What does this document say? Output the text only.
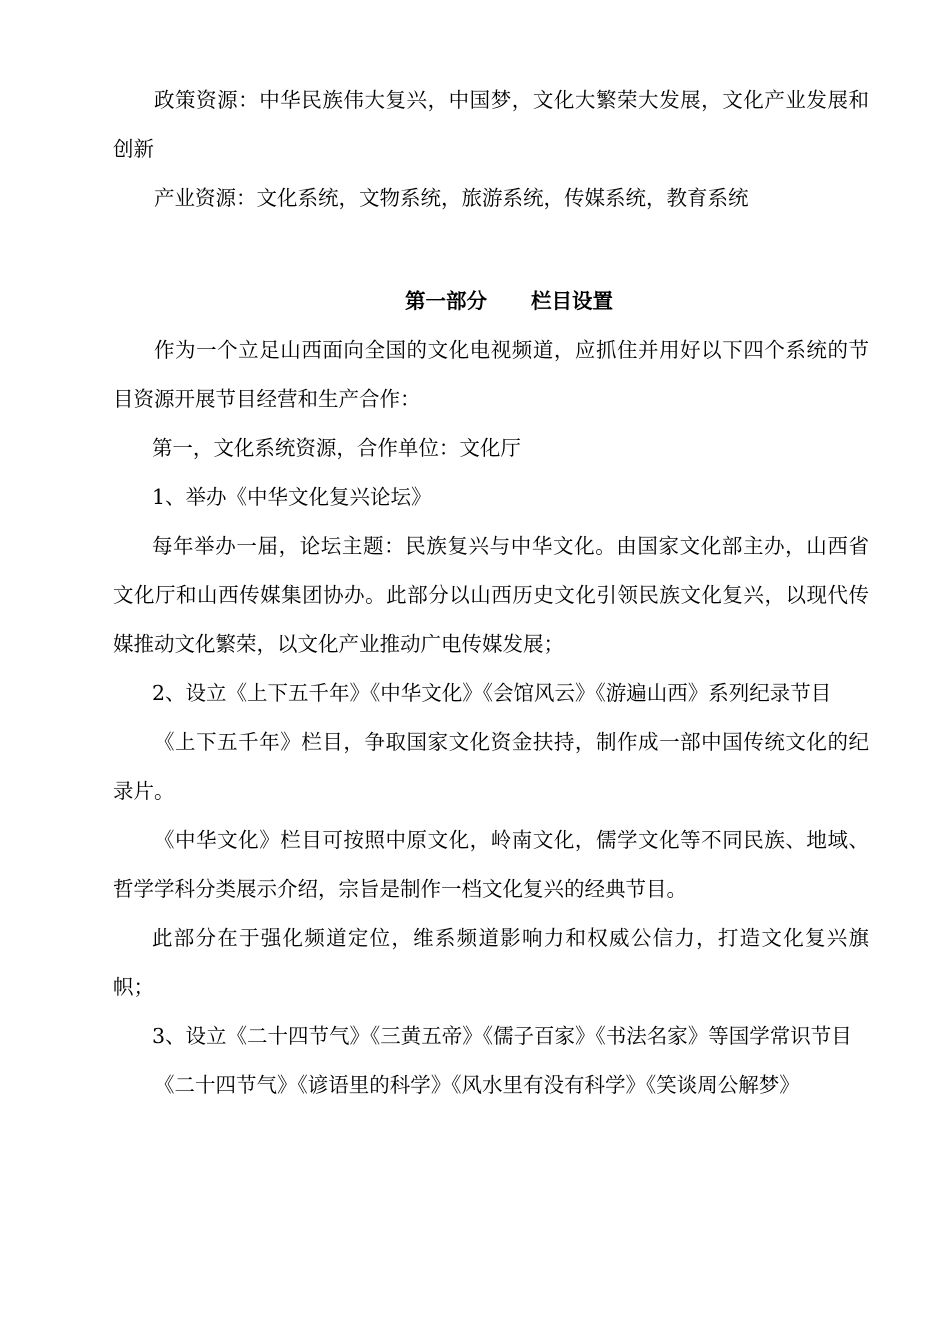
政策资源：中华民族伟大复兴，中国梦，文化大繁荣大发展，文化产业发展和创新

产业资源：文化系统，文物系统，旅游系统，传媒系统，教育系统

第一部分 栏目设置

作为一个立足山西面向全国的文化电视频道，应抓住并用好以下四个系统的节目资源开展节目经营和生产合作：

第一，文化系统资源，合作单位：文化厅

1、举办《中华文化复兴论坛》

每年举办一届，论坛主题：民族复兴与中华文化。由国家文化部主办，山西省文化厅和山西传媒集团协办。此部分以山西历史文化引领民族文化复兴，以现代传媒推动文化繁荣，以文化产业推动广电传媒发展；

2、设立《上下五千年》《中华文化》《会馆风云》《游遍山西》系列纪录节目

《上下五千年》栏目，争取国家文化资金扶持，制作成一部中国传统文化的纪录片。

《中华文化》栏目可按照中原文化，岭南文化，儒学文化等不同民族、地域、哲学学科分类展示介绍，宗旨是制作一档文化复兴的经典节目。

此部分在于强化频道定位，维系频道影响力和权威公信力，打造文化复兴旗帜；

3、设立《二十四节气》《三黄五帝》《儒子百家》《书法名家》等国学常识节目

《二十四节气》《谚语里的科学》《风水里有没有科学》《笑谈周公解梦》
